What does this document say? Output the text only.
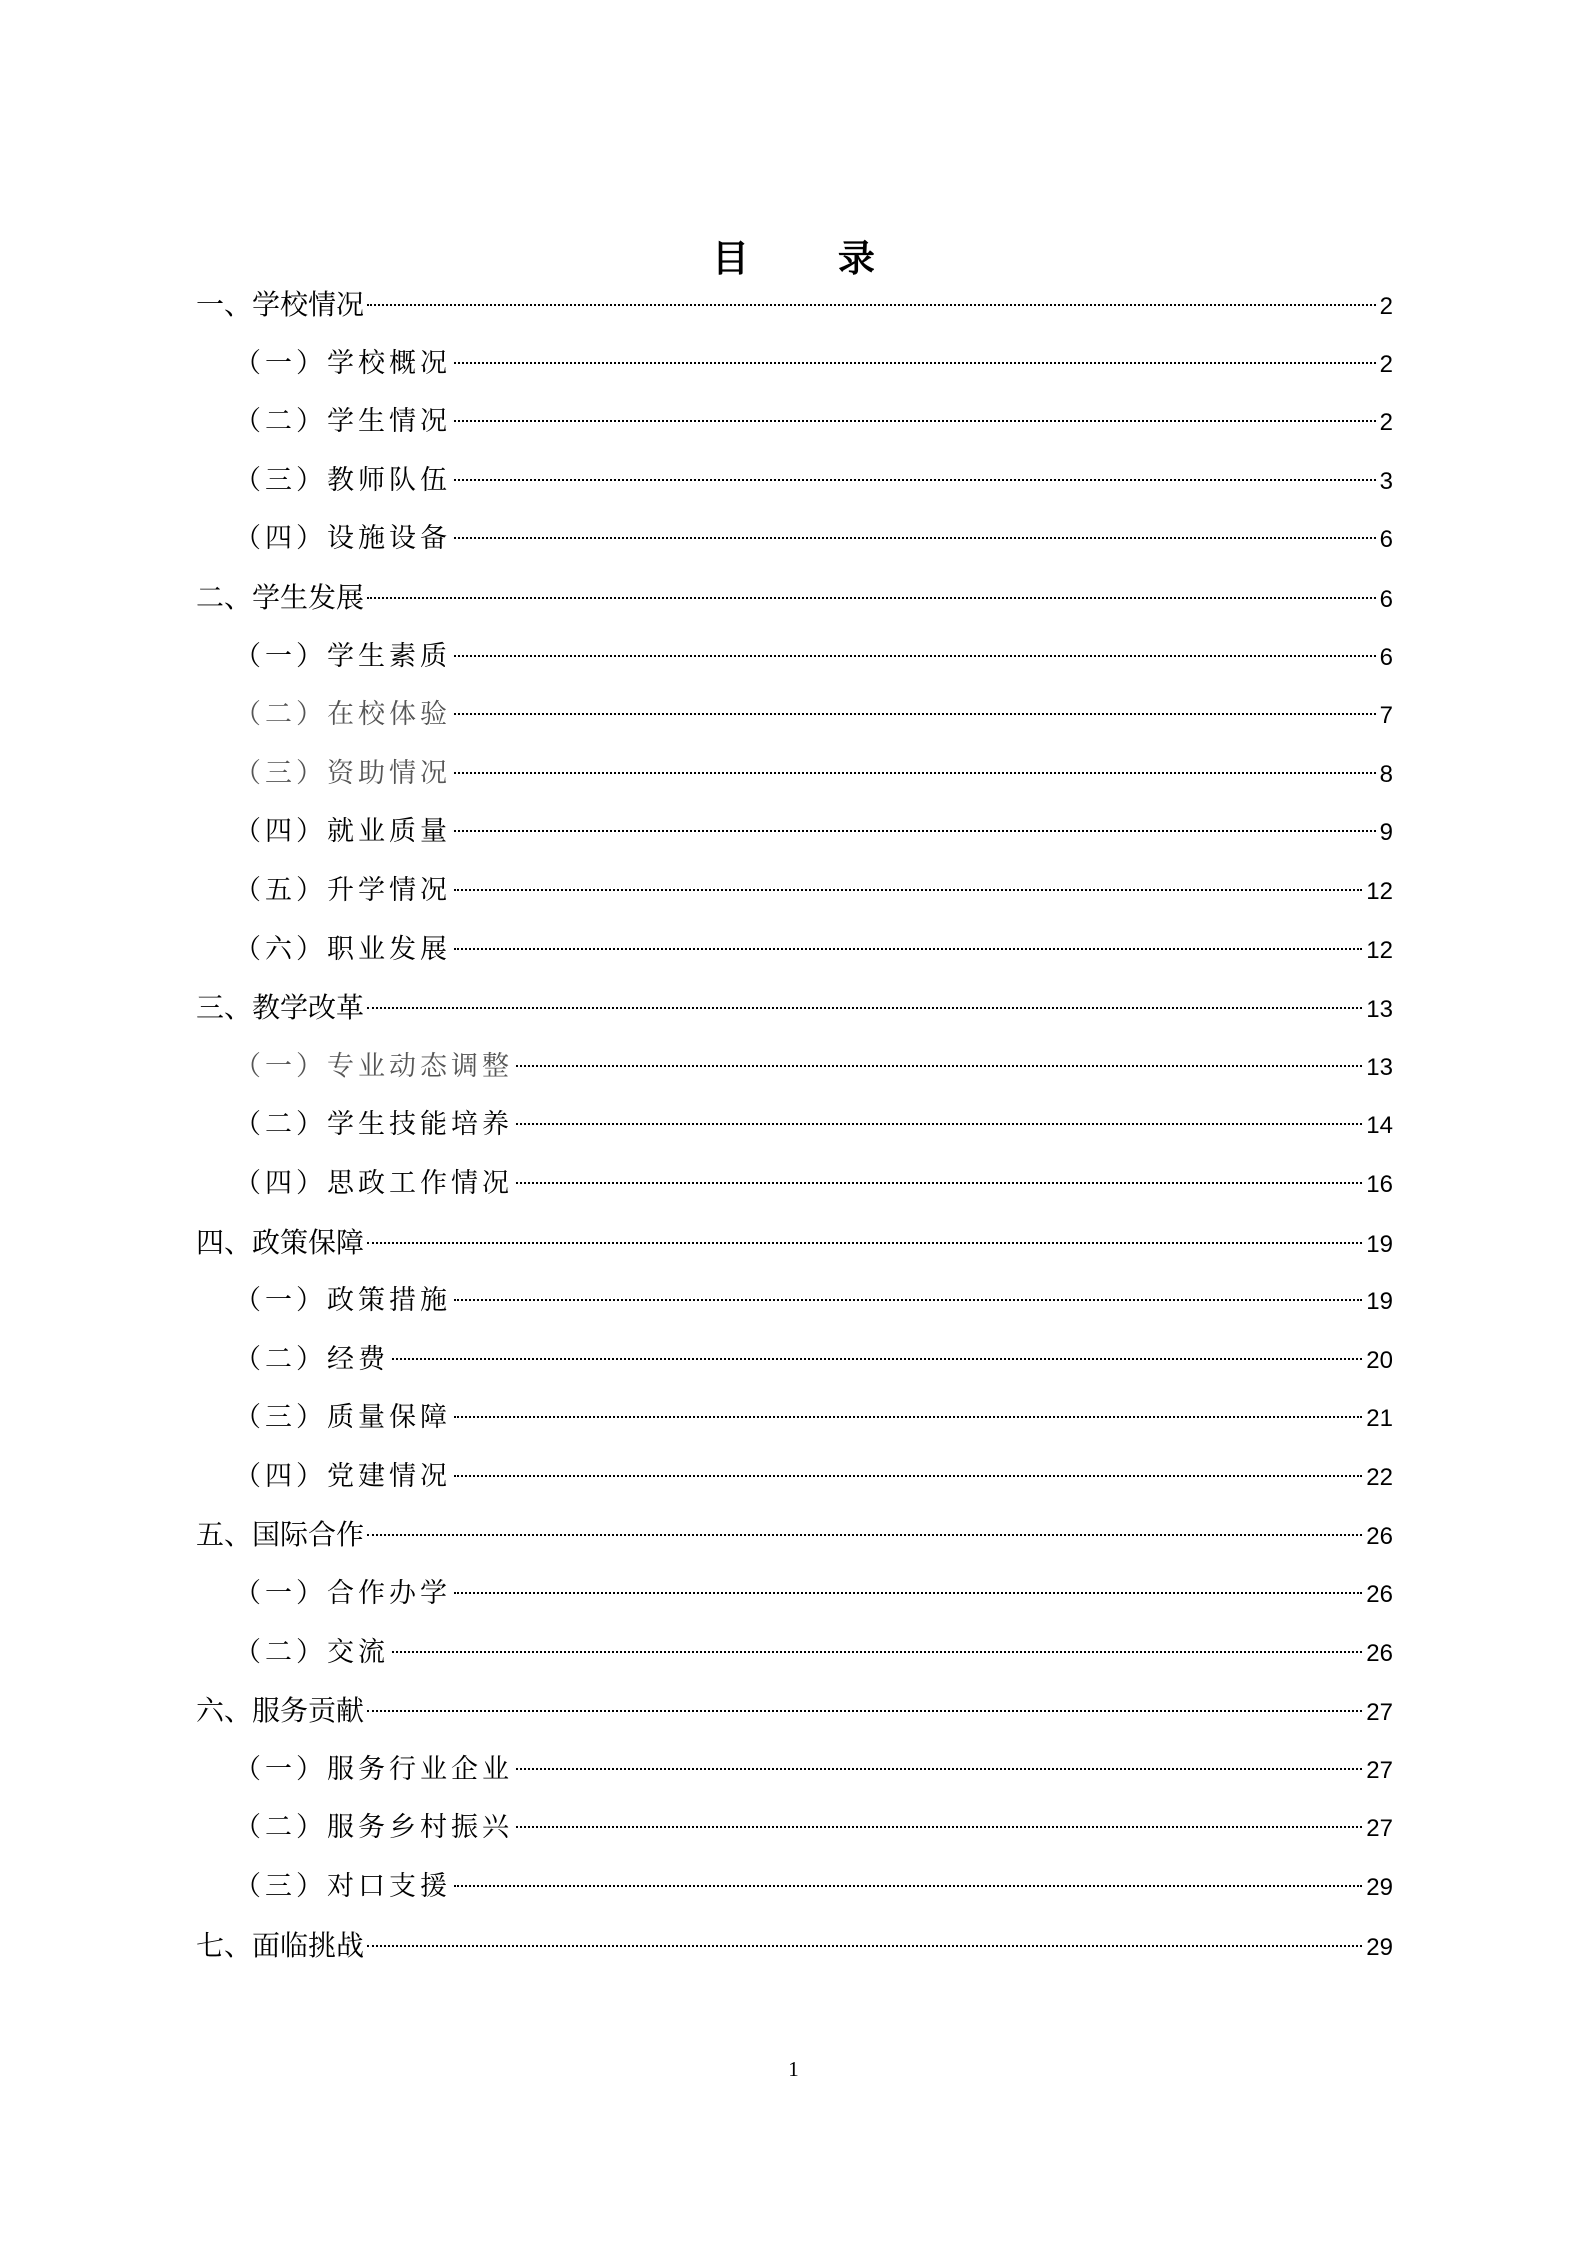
目 录
一、学校情况	2
（一）学校概况	2
（二）学生情况	2
（三）教师队伍	3
（四）设施设备	6
二、学生发展	6
（一）学生素质	6
（二）在校体验	7
（三）资助情况	8
（四）就业质量	9
（五）升学情况	12
（六）职业发展	12
三、教学改革	13
（一）专业动态调整	13
（二）学生技能培养	14
（四）思政工作情况	16
四、政策保障	19
（一）政策措施	19
（二）经费	20
（三）质量保障	21
（四）党建情况	22
五、国际合作	26
（一）合作办学	26
（二）交流	26
六、服务贡献	27
（一）服务行业企业	27
（二）服务乡村振兴	27
（三）对口支援	29
七、面临挑战	29
1
